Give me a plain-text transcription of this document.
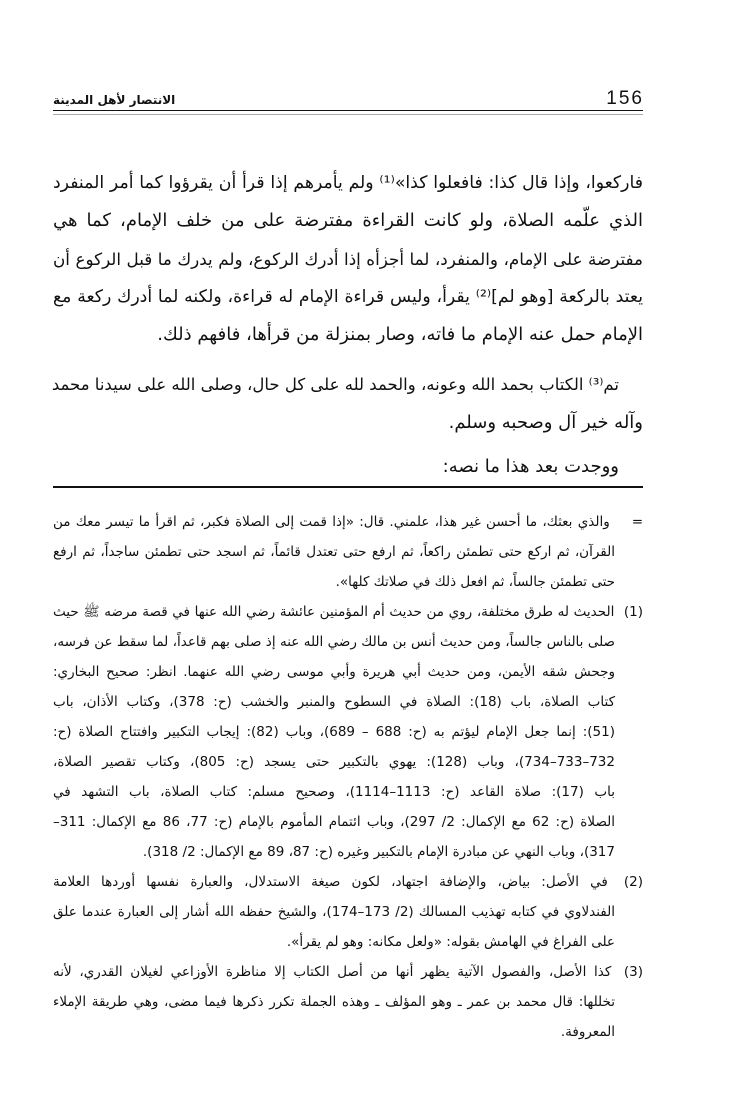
156
الانتصار لأهل المدينة
فاركعوا، وإذا قال كذا: فافعلوا كذا»⁽¹⁾ ولم يأمرهم إذا قرأ أن يقرؤوا كما أمر المنفرد
الذي علّمه الصلاة، ولو كانت القراءة مفترضة على من خلف الإمام، كما هي
مفترضة على الإمام، والمنفرد، لما أجزأه إذا أدرك الركوع، ولم يدرك ما قبل الركوع أن
يعتد بالركعة [وهو لم]⁽²⁾ يقرأ، وليس قراءة الإمام له قراءة، ولكنه لما أدرك ركعة مع
الإمام حمل عنه الإمام ما فاته، وصار بمنزلة من قرأها، فافهم ذلك.
تم⁽³⁾ الكتاب بحمد الله وعونه، والحمد لله على كل حال، وصلى الله على سيدنا محمد
وآله خير آل وصحبه وسلم.
ووجدت بعد هذا ما نصه:
= والذي بعثك، ما أحسن غير هذا، علمني. قال: «إذا قمت إلى الصلاة فكبر، ثم اقرأ ما تيسر معك من
القرآن، ثم اركع حتى تطمئن راكعاً، ثم ارفع حتى تعتدل قائماً، ثم اسجد حتى تطمئن ساجداً، ثم ارفع
حتى تطمئن جالساً، ثم افعل ذلك في صلاتك كلها».
(1) الحديث له طرق مختلفة، روي من حديث أم المؤمنين عائشة رضي الله عنها في قصة مرضه ﷺ حيث
صلى بالناس جالساً، ومن حديث أنس بن مالك رضي الله عنه إذ صلى بهم قاعداً، لما سقط عن فرسه،
وجحش شقه الأيمن، ومن حديث أبي هريرة وأبي موسى رضي الله عنهما. انظر: صحيح البخاري:
كتاب الصلاة، باب (18): الصلاة في السطوح والمنبر والخشب (ح: 378)، وكتاب الأذان، باب
(51): إنما جعل الإمام ليؤتم به (ح: 688 – 689)، وباب (82): إيجاب التكبير وافتتاح الصلاة (ح:
732–733–734)، وباب (128): يهوي بالتكبير حتى يسجد (ح: 805)، وكتاب تقصير الصلاة،
باب (17): صلاة القاعد (ح: 1113–1114)، وصحيح مسلم: كتاب الصلاة، باب التشهد في
الصلاة (ح: 62 مع الإكمال: 2/ 297)، وباب ائتمام المأموم بالإمام (ح: 77، 86 مع الإكمال: 311–
317)، وباب النهي عن مبادرة الإمام بالتكبير وغيره (ح: 87، 89 مع الإكمال: 2/ 318).
(2) في الأصل: بياض، والإضافة اجتهاد، لكون صيغة الاستدلال، والعبارة نفسها أوردها العلامة
الفندلاوي في كتابه تهذيب المسالك (2/ 173–174)، والشيخ حفظه الله أشار إلى العبارة عندما علق
على الفراغ في الهامش بقوله: «ولعل مكانه: وهو لم يقرأ».
(3) كذا الأصل، والفصول الآتية يظهر أنها من أصل الكتاب إلا مناظرة الأوزاعي لغيلان القدري، لأنه
تخللها: قال محمد بن عمر ـ وهو المؤلف ـ وهذه الجملة تكرر ذكرها فيما مضى، وهي طريقة الإملاء
المعروفة.
